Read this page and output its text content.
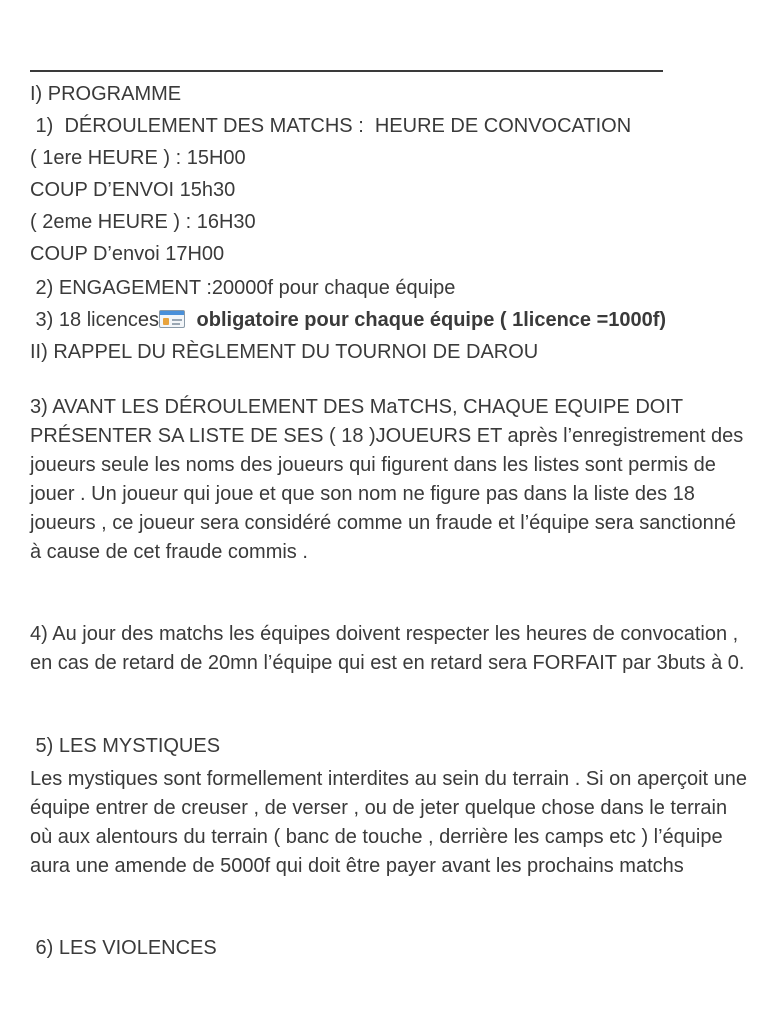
I) PROGRAMME
1)  DÉROULEMENT DES MATCHS :  HEURE DE CONVOCATION
( 1ere HEURE ) : 15H00
COUP D’ENVOI 15h30
( 2eme HEURE ) : 16H30
COUP D’envoi 17H00
2) ENGAGEMENT :20000f pour chaque équipe
3) 18 licences
obligatoire pour chaque équipe ( 1licence =1000f)
II) RAPPEL DU RÈGLEMENT DU TOURNOI DE DAROU
3) AVANT LES DÉROULEMENT DES MaTCHS, CHAQUE EQUIPE DOIT PRÉSENTER SA LISTE DE SES ( 18 )JOUEURS ET après l’enregistrement des joueurs seule les noms des joueurs qui figurent dans les listes sont permis de jouer . Un joueur qui joue et que son nom ne figure pas dans la liste des 18 joueurs , ce joueur sera considéré comme un fraude et l’équipe sera sanctionné à cause de cet fraude commis .
4) Au jour des matchs les équipes doivent respecter les heures de convocation , en cas de retard de 20mn l’équipe qui est en retard sera FORFAIT par 3buts à 0.
5) LES MYSTIQUES
Les mystiques sont formellement interdites au sein du terrain . Si on aperçoit une équipe entrer de creuser , de verser , ou de jeter quelque chose dans le terrain où aux alentours du terrain ( banc de touche , derrière les camps etc ) l’équipe aura une amende de 5000f qui doit être payer avant les prochains matchs
6) LES VIOLENCES
